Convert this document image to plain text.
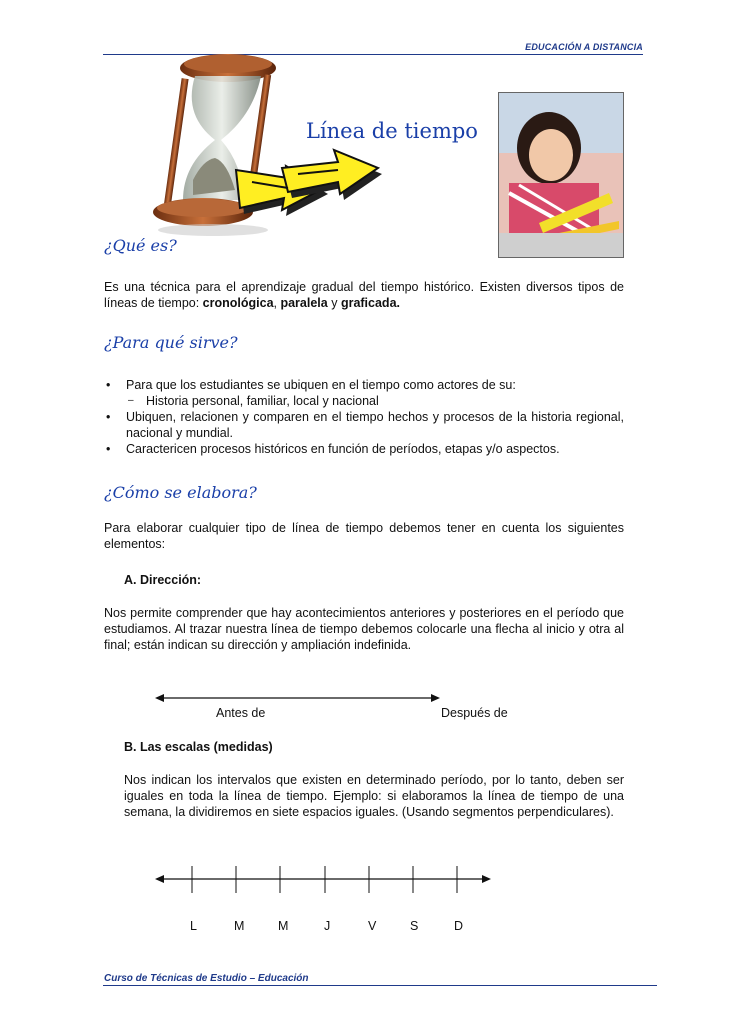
EDUCACIÓN A DISTANCIA
Línea de tiempo
¿Qué es?
Es una técnica para el aprendizaje gradual del tiempo histórico. Existen diversos tipos de líneas de tiempo: cronológica, paralela y graficada.
¿Para qué sirve?
• Para que los estudiantes se ubiquen en el tiempo como actores de su:
– Historia personal, familiar, local y nacional
• Ubiquen, relacionen y comparen en el tiempo hechos y procesos de la historia regional, nacional y mundial.
• Caractericen procesos históricos en función de períodos, etapas y/o aspectos.
¿Cómo se elabora?
Para elaborar cualquier tipo de línea de tiempo debemos tener en cuenta los siguientes elementos:
A. Dirección:
Nos permite comprender que hay acontecimientos anteriores y posteriores en el período que estudiamos. Al trazar nuestra línea de tiempo debemos colocarle una flecha al inicio y otra al final; están indican su dirección y ampliación indefinida.
Antes de	Después de
B. Las escalas (medidas)
Nos indican los intervalos que existen en determinado período, por lo tanto, deben ser iguales en toda la línea de tiempo. Ejemplo: si elaboramos la línea de tiempo de una semana, la dividiremos en siete espacios iguales. (Usando segmentos perpendiculares).
L	M	M	J	V	S	D
Curso de Técnicas de Estudio – Educación
